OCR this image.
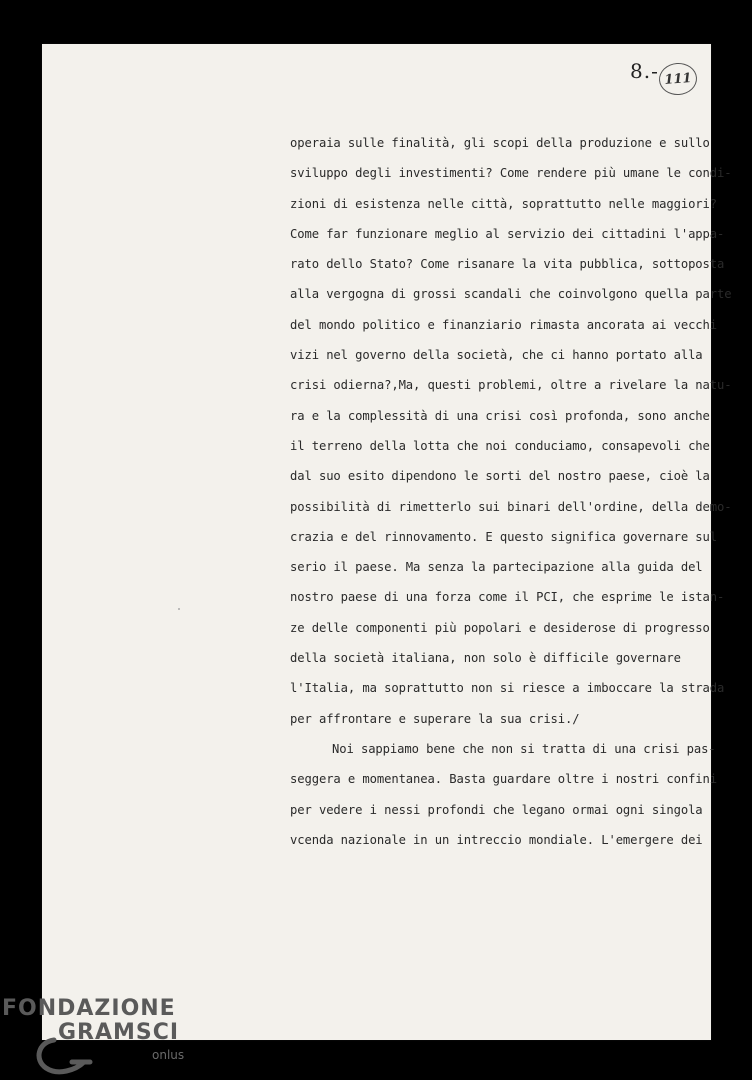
8.- 111
operaia sulle finalità, gli scopi della produzione e sullo
sviluppo degli investimenti? Come rendere più umane le condi-
zioni di esistenza nelle città, soprattutto nelle maggiori?
Come far funzionare meglio al servizio dei cittadini l'appa-
rato dello Stato? Come risanare la vita pubblica, sottoposta
alla vergogna di grossi scandali che coinvolgono quella parte
del mondo politico e finanziario rimasta ancorata ai vecchi
vizi nel governo della società, che ci hanno portato alla
crisi odierna?,Ma, questi problemi, oltre a rivelare la natu-
ra e la complessità di una crisi così profonda, sono anche
il terreno della lotta che noi conduciamo, consapevoli che
dal suo esito dipendono le sorti del nostro paese, cioè la
possibilità di rimetterlo sui binari dell'ordine, della demo-
crazia e del rinnovamento. E questo significa governare sul
serio il paese. Ma senza la partecipazione alla guida del
nostro paese di una forza come il PCI, che esprime le istan-
ze delle componenti più popolari e desiderose di progresso
della società italiana, non solo è difficile governare
l'Italia, ma soprattutto non si riesce a imboccare la strada
per affrontare e superare la sua crisi./
Noi sappiamo bene che non si tratta di una crisi pas-
seggera e momentanea. Basta guardare oltre i nostri confini
per vedere i nessi profondi che legano ormai ogni singola
vcenda nazionale in un intreccio mondiale. L'emergere dei
FONDAZIONE
GRAMSCI
onlus
